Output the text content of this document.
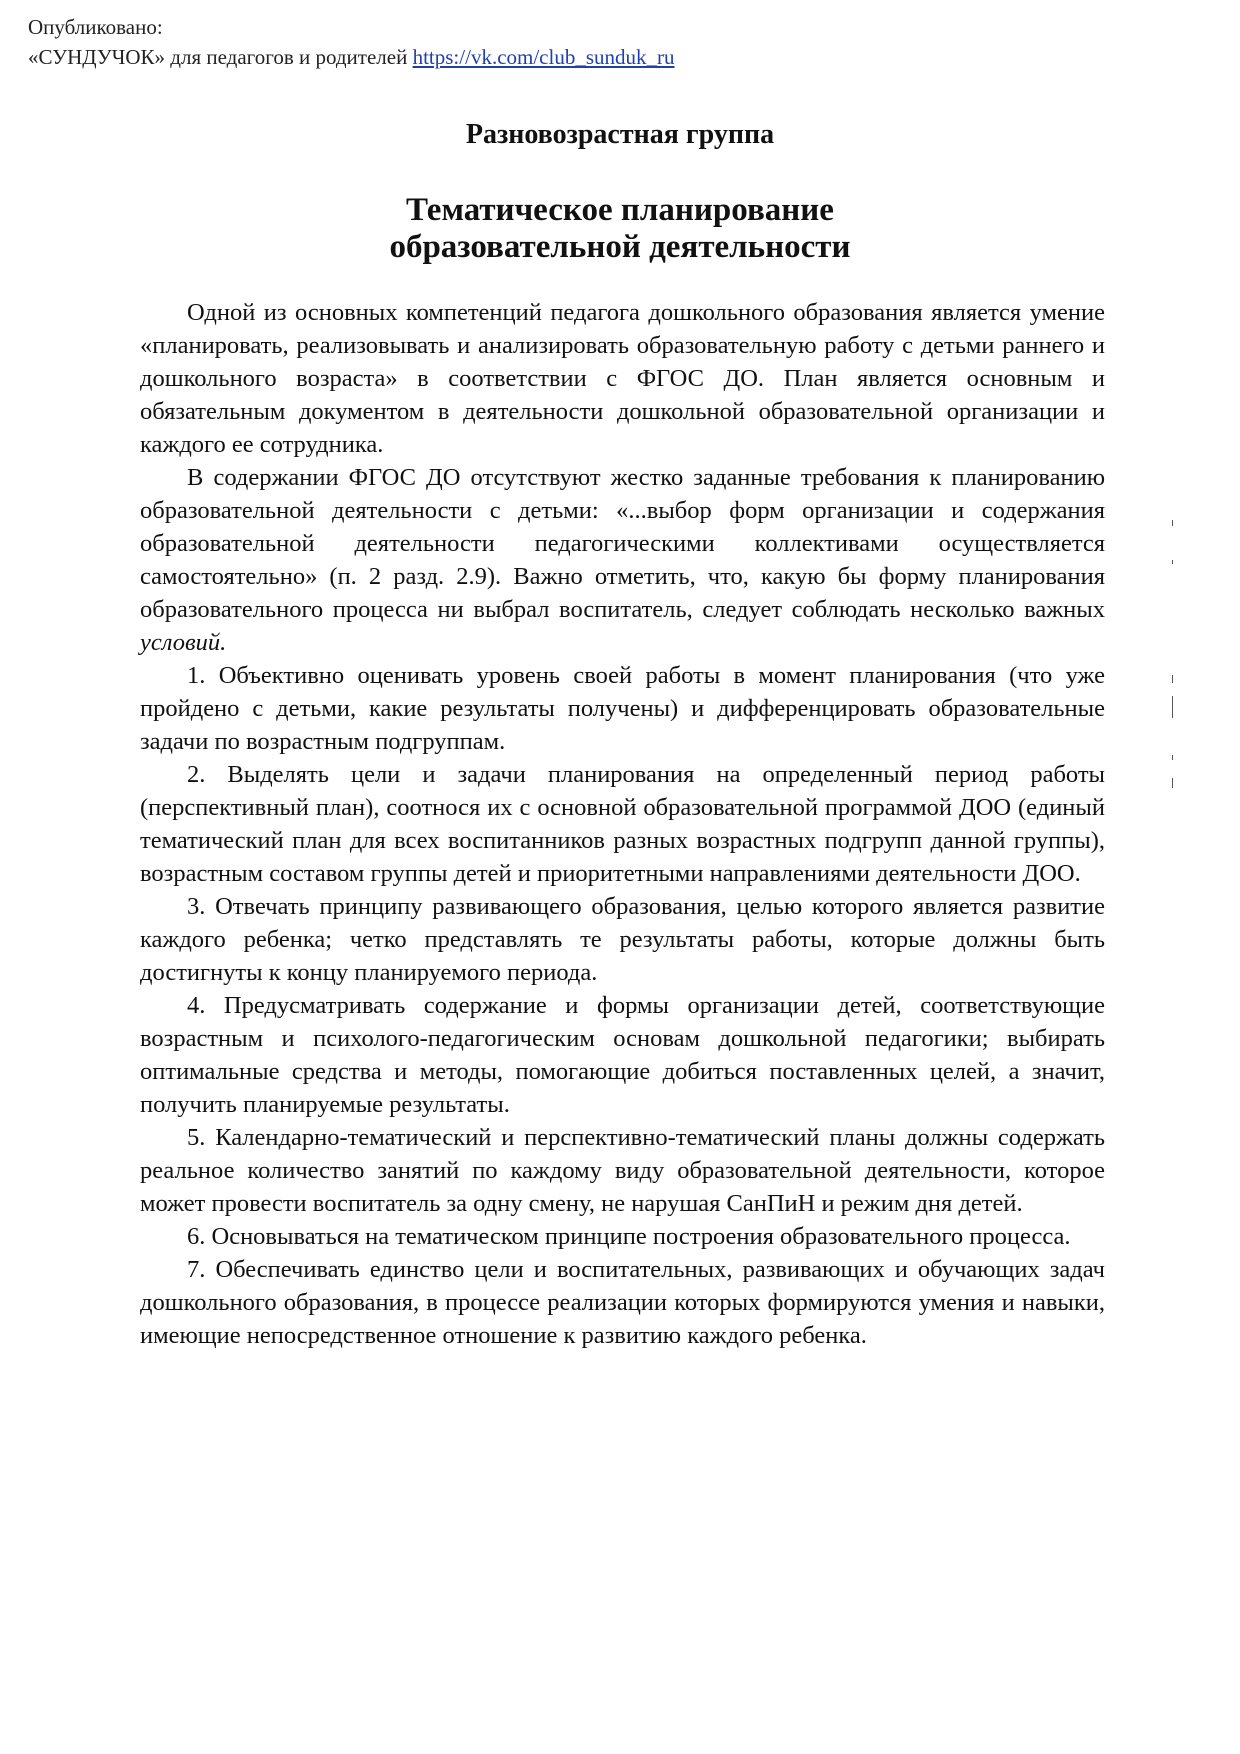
Опубликовано:
«СУНДУЧОК» для педагогов и родителей https://vk.com/club_sunduk_ru
Разновозрастная группа
Тематическое планирование
образовательной деятельности

Одной из основных компетенций педагога дошкольного образования является умение «планировать, реализовывать и анализировать образовательную работу с детьми раннего и дошкольного возраста» в соответствии с ФГОС ДО. План является основным и обязательным документом в деятельности дошкольной образовательной организации и каждого ее сотрудника.

В содержании ФГОС ДО отсутствуют жестко заданные требования к планированию образовательной деятельности с детьми: «...выбор форм организации и содержания образовательной деятельности педагогическими коллективами осуществляется самостоятельно» (п. 2 разд. 2.9). Важно отметить, что, какую бы форму планирования образовательного процесса ни выбрал воспитатель, следует соблюдать несколько важных условий.

1. Объективно оценивать уровень своей работы в момент планирования (что уже пройдено с детьми, какие результаты получены) и дифференцировать образовательные задачи по возрастным подгруппам.

2. Выделять цели и задачи планирования на определенный период работы (перспективный план), соотнося их с основной образовательной программой ДОО (единый тематический план для всех воспитанников разных возрастных подгрупп данной группы), возрастным составом группы детей и приоритетными направлениями деятельности ДОО.

3. Отвечать принципу развивающего образования, целью которого является развитие каждого ребенка; четко представлять те результаты работы, которые должны быть достигнуты к концу планируемого периода.

4. Предусматривать содержание и формы организации детей, соответствующие возрастным и психолого-педагогическим основам дошкольной педагогики; выбирать оптимальные средства и методы, помогающие добиться поставленных целей, а значит, получить планируемые результаты.

5. Календарно-тематический и перспективно-тематический планы должны содержать реальное количество занятий по каждому виду образовательной деятельности, которое может провести воспитатель за одну смену, не нарушая СанПиН и режим дня детей.

6. Основываться на тематическом принципе построения образовательного процесса.

7. Обеспечивать единство цели и воспитательных, развивающих и обучающих задач дошкольного образования, в процессе реализации которых формируются умения и навыки, имеющие непосредственное отношение к развитию каждого ребенка.
